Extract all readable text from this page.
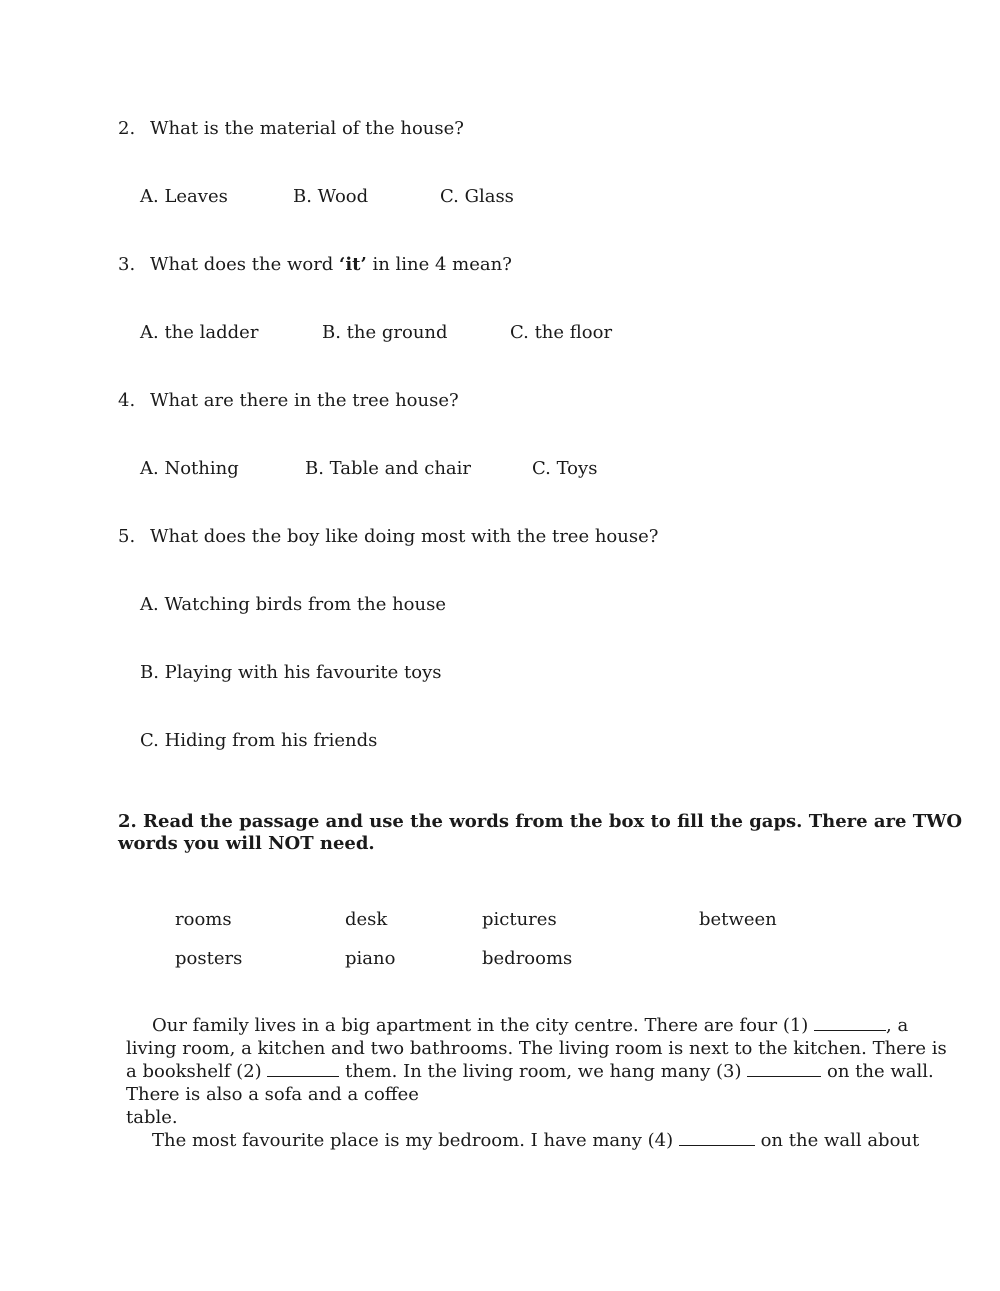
2. What is the material of the house?
A. Leaves	B. Wood	C. Glass
3. What does the word ‘it’ in line 4 mean?
A. the ladder	B. the ground	C. the floor
4. What are there in the tree house?
A. Nothing	B. Table and chair	C. Toys
5. What does the boy like doing most with the tree house?
A. Watching birds from the house
B. Playing with his favourite toys
C. Hiding from his friends
2. Read the passage and use the words from the box to fill the gaps. There are TWO
words you will NOT need.
rooms	desk	pictures	between
posters	piano	bedrooms
Our family lives in a big apartment in the city centre. There are four (1)	, a
living room, a kitchen and two bathrooms. The living room is next to the kitchen. There is
a bookshelf (2)	them. In the living room, we hang many (3)	on the wall.
There is also a sofa and a coffee
table.
The most favourite place is my bedroom. I have many (4)	on the wall about
